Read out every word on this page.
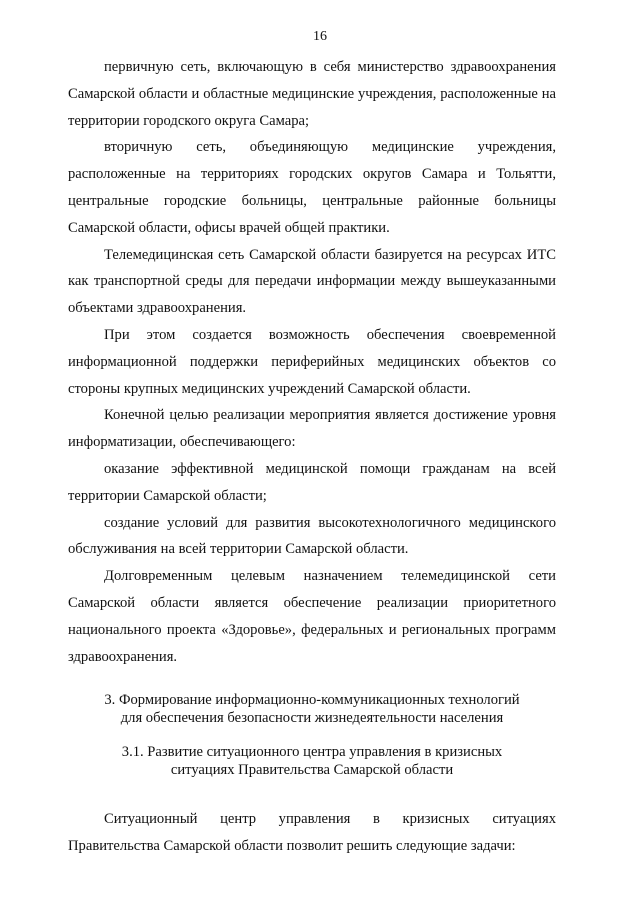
16

первичную сеть, включающую в себя министерство здравоохранения Самарской области и областные медицинские учреждения, расположенные на территории городского округа Самара;

вторичную сеть, объединяющую медицинские учреждения, расположенные на территориях городских округов Самара и Тольятти, центральные городские больницы, центральные районные больницы Самарской области, офисы врачей общей практики.

Телемедицинская сеть Самарской области базируется на ресурсах ИТС как транспортной среды для передачи информации между вышеуказанными объектами здравоохранения.

При этом создается возможность обеспечения своевременной информационной поддержки периферийных медицинских объектов со стороны крупных медицинских учреждений Самарской области.

Конечной целью реализации мероприятия является достижение уровня информатизации, обеспечивающего:

оказание эффективной медицинской помощи гражданам на всей территории Самарской области;

создание условий для развития высокотехнологичного медицинского обслуживания на всей территории Самарской области.

Долговременным целевым назначением телемедицинской сети Самарской области является обеспечение реализации приоритетного национального проекта «Здоровье», федеральных и региональных программ здравоохранения.

3. Формирование информационно-коммуникационных технологий
для обеспечения безопасности жизнедеятельности населения
3.1. Развитие ситуационного центра управления в кризисных
ситуациях Правительства Самарской области

Ситуационный центр управления в кризисных ситуациях Правительства Самарской области позволит решить следующие задачи:
